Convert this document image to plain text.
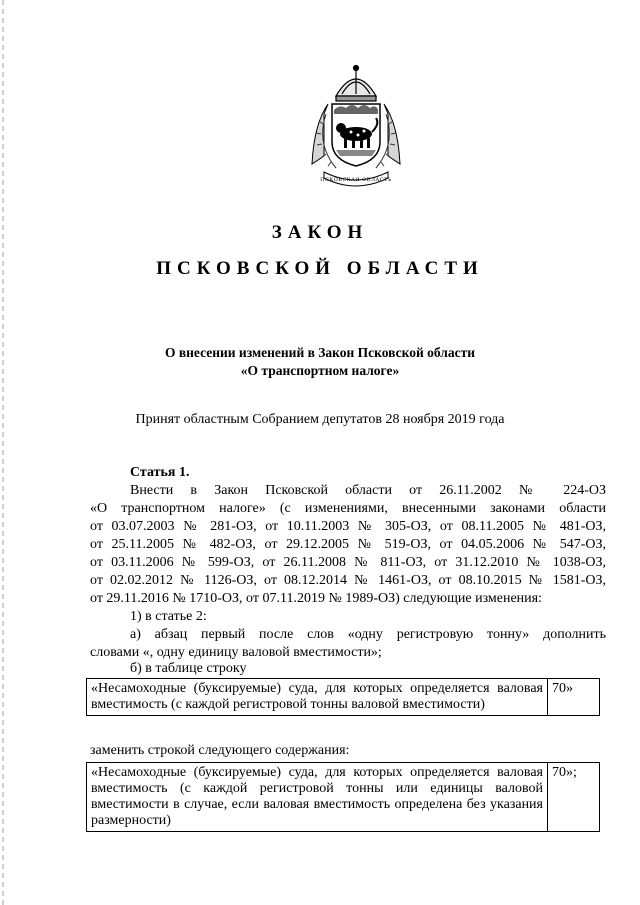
ПСКОВСКАЯ ОБЛАСТЬ
ЗАКОН
ПСКОВСКОЙ ОБЛАСТИ
О внесении изменений в Закон Псковской области
«О транспортном налоге»
Принят областным Собранием депутатов 28 ноября 2019 года
Статья 1.
Внести в Закон Псковской области от 26.11.2002 № 224-ОЗ
«О транспортном налоге» (с изменениями, внесенными законами области
от 03.07.2003 № 281-ОЗ, от 10.11.2003 № 305-ОЗ, от 08.11.2005 № 481-ОЗ,
от 25.11.2005 № 482-ОЗ, от 29.12.2005 № 519-ОЗ, от 04.05.2006 № 547-ОЗ,
от 03.11.2006 № 599-ОЗ, от 26.11.2008 № 811-ОЗ, от 31.12.2010 № 1038-ОЗ,
от 02.02.2012 № 1126-ОЗ, от 08.12.2014 № 1461-ОЗ, от 08.10.2015 № 1581-ОЗ,
от 29.11.2016 № 1710-ОЗ, от 07.11.2019 № 1989-ОЗ) следующие изменения:
1) в статье 2:
а) абзац первый после слов «одну регистровую тонну» дополнить
словами «, одну единицу валовой вместимости»;
б) в таблице строку
«Несамоходные (буксируемые) суда, для которых определяется валовая вместимость (с каждой регистровой тонны валовой вместимости)	70»
заменить строкой следующего содержания:
«Несамоходные (буксируемые) суда, для которых определяется валовая вместимость (с каждой регистровой тонны или единицы валовой вместимости в случае, если валовая вместимость определена без указания размерности)	70»;
